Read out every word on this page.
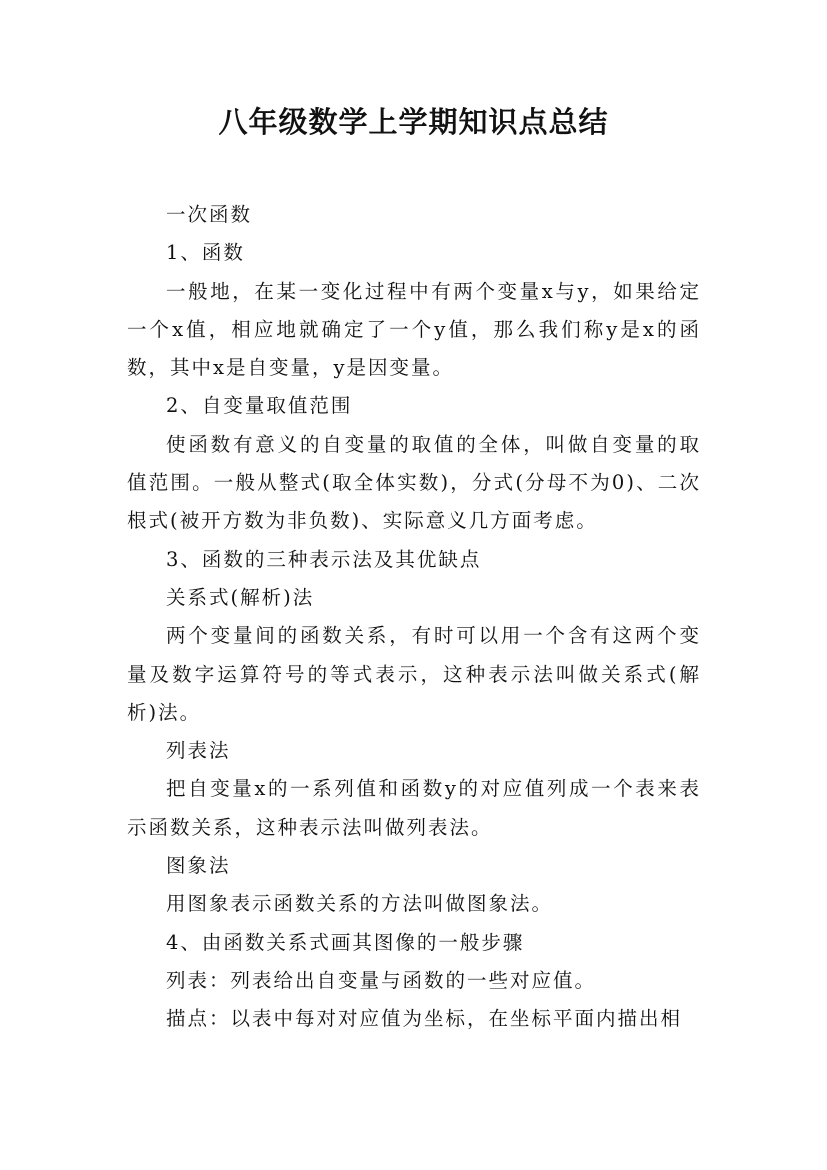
八年级数学上学期知识点总结

一次函数

1、函数

一般地，在某一变化过程中有两个变量x与y，如果给定一个x值，相应地就确定了一个y值，那么我们称y是x的函数，其中x是自变量，y是因变量。

2、自变量取值范围

使函数有意义的自变量的取值的全体，叫做自变量的取值范围。一般从整式(取全体实数)，分式(分母不为0)、二次根式(被开方数为非负数)、实际意义几方面考虑。

3、函数的三种表示法及其优缺点

关系式(解析)法

两个变量间的函数关系，有时可以用一个含有这两个变量及数字运算符号的等式表示，这种表示法叫做关系式(解析)法。

列表法

把自变量x的一系列值和函数y的对应值列成一个表来表示函数关系，这种表示法叫做列表法。

图象法

用图象表示函数关系的方法叫做图象法。

4、由函数关系式画其图像的一般步骤

列表：列表给出自变量与函数的一些对应值。

描点：以表中每对对应值为坐标，在坐标平面内描出相
